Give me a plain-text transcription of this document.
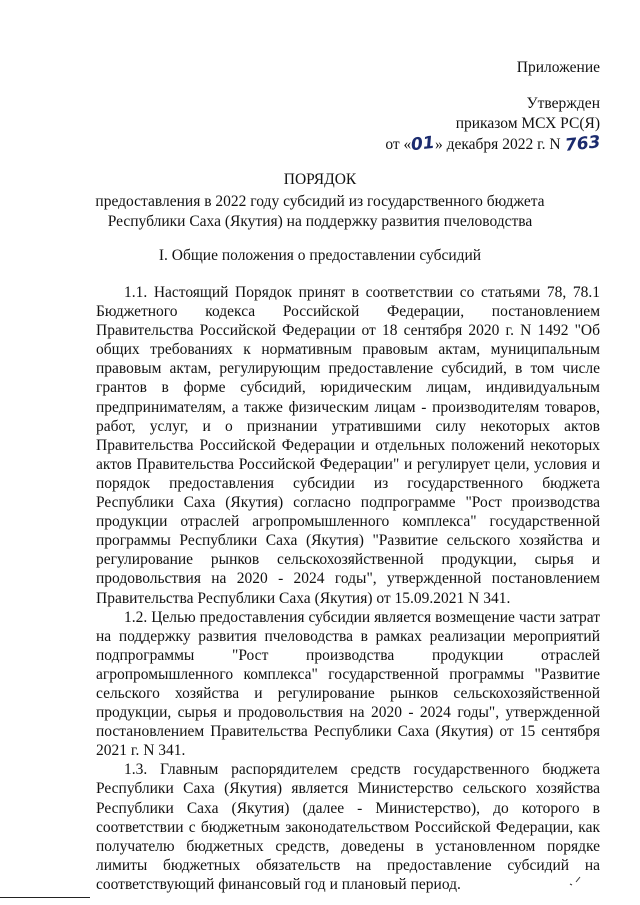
Приложение
Утвержден
приказом МСХ РС(Я)
от «01» декабря 2022 г. N 763
ПОРЯДОК
предоставления в 2022 году субсидий из государственного бюджета
Республики Саха (Якутия) на поддержку развития пчеловодства
I. Общие положения о предоставлении субсидий

1.1. Настоящий Порядок принят в соответствии со статьями 78, 78.1 Бюджетного кодекса Российской Федерации, постановлением Правительства Российской Федерации от 18 сентября 2020 г. N 1492 "Об общих требованиях к нормативным правовым актам, муниципальным правовым актам, регулирующим предоставление субсидий, в том числе грантов в форме субсидий, юридическим лицам, индивидуальным предпринимателям, а также физическим лицам - производителям товаров, работ, услуг, и о признании утратившими силу некоторых актов Правительства Российской Федерации и отдельных положений некоторых актов Правительства Российской Федерации" и регулирует цели, условия и порядок предоставления субсидии из государственного бюджета Республики Саха (Якутия) согласно подпрограмме "Рост производства продукции отраслей агропромышленного комплекса" государственной программы Республики Саха (Якутия) "Развитие сельского хозяйства и регулирование рынков сельскохозяйственной продукции, сырья и продовольствия на 2020 - 2024 годы", утвержденной постановлением Правительства Республики Саха (Якутия) от 15.09.2021 N 341.

1.2. Целью предоставления субсидии является возмещение части затрат на поддержку развития пчеловодства в рамках реализации мероприятий подпрограммы "Рост производства продукции отраслей агропромышленного комплекса" государственной программы "Развитие сельского хозяйства и регулирование рынков сельскохозяйственной продукции, сырья и продовольствия на 2020 - 2024 годы", утвержденной постановлением Правительства Республики Саха (Якутия) от 15 сентября 2021 г. N 341.

1.3. Главным распорядителем средств государственного бюджета Республики Саха (Якутия) является Министерство сельского хозяйства Республики Саха (Якутия) (далее - Министерство), до которого в соответствии с бюджетным законодательством Российской Федерации, как получателю бюджетных средств, доведены в установленном порядке лимиты бюджетных обязательств на предоставление субсидий на соответствующий финансовый год и плановый период.
